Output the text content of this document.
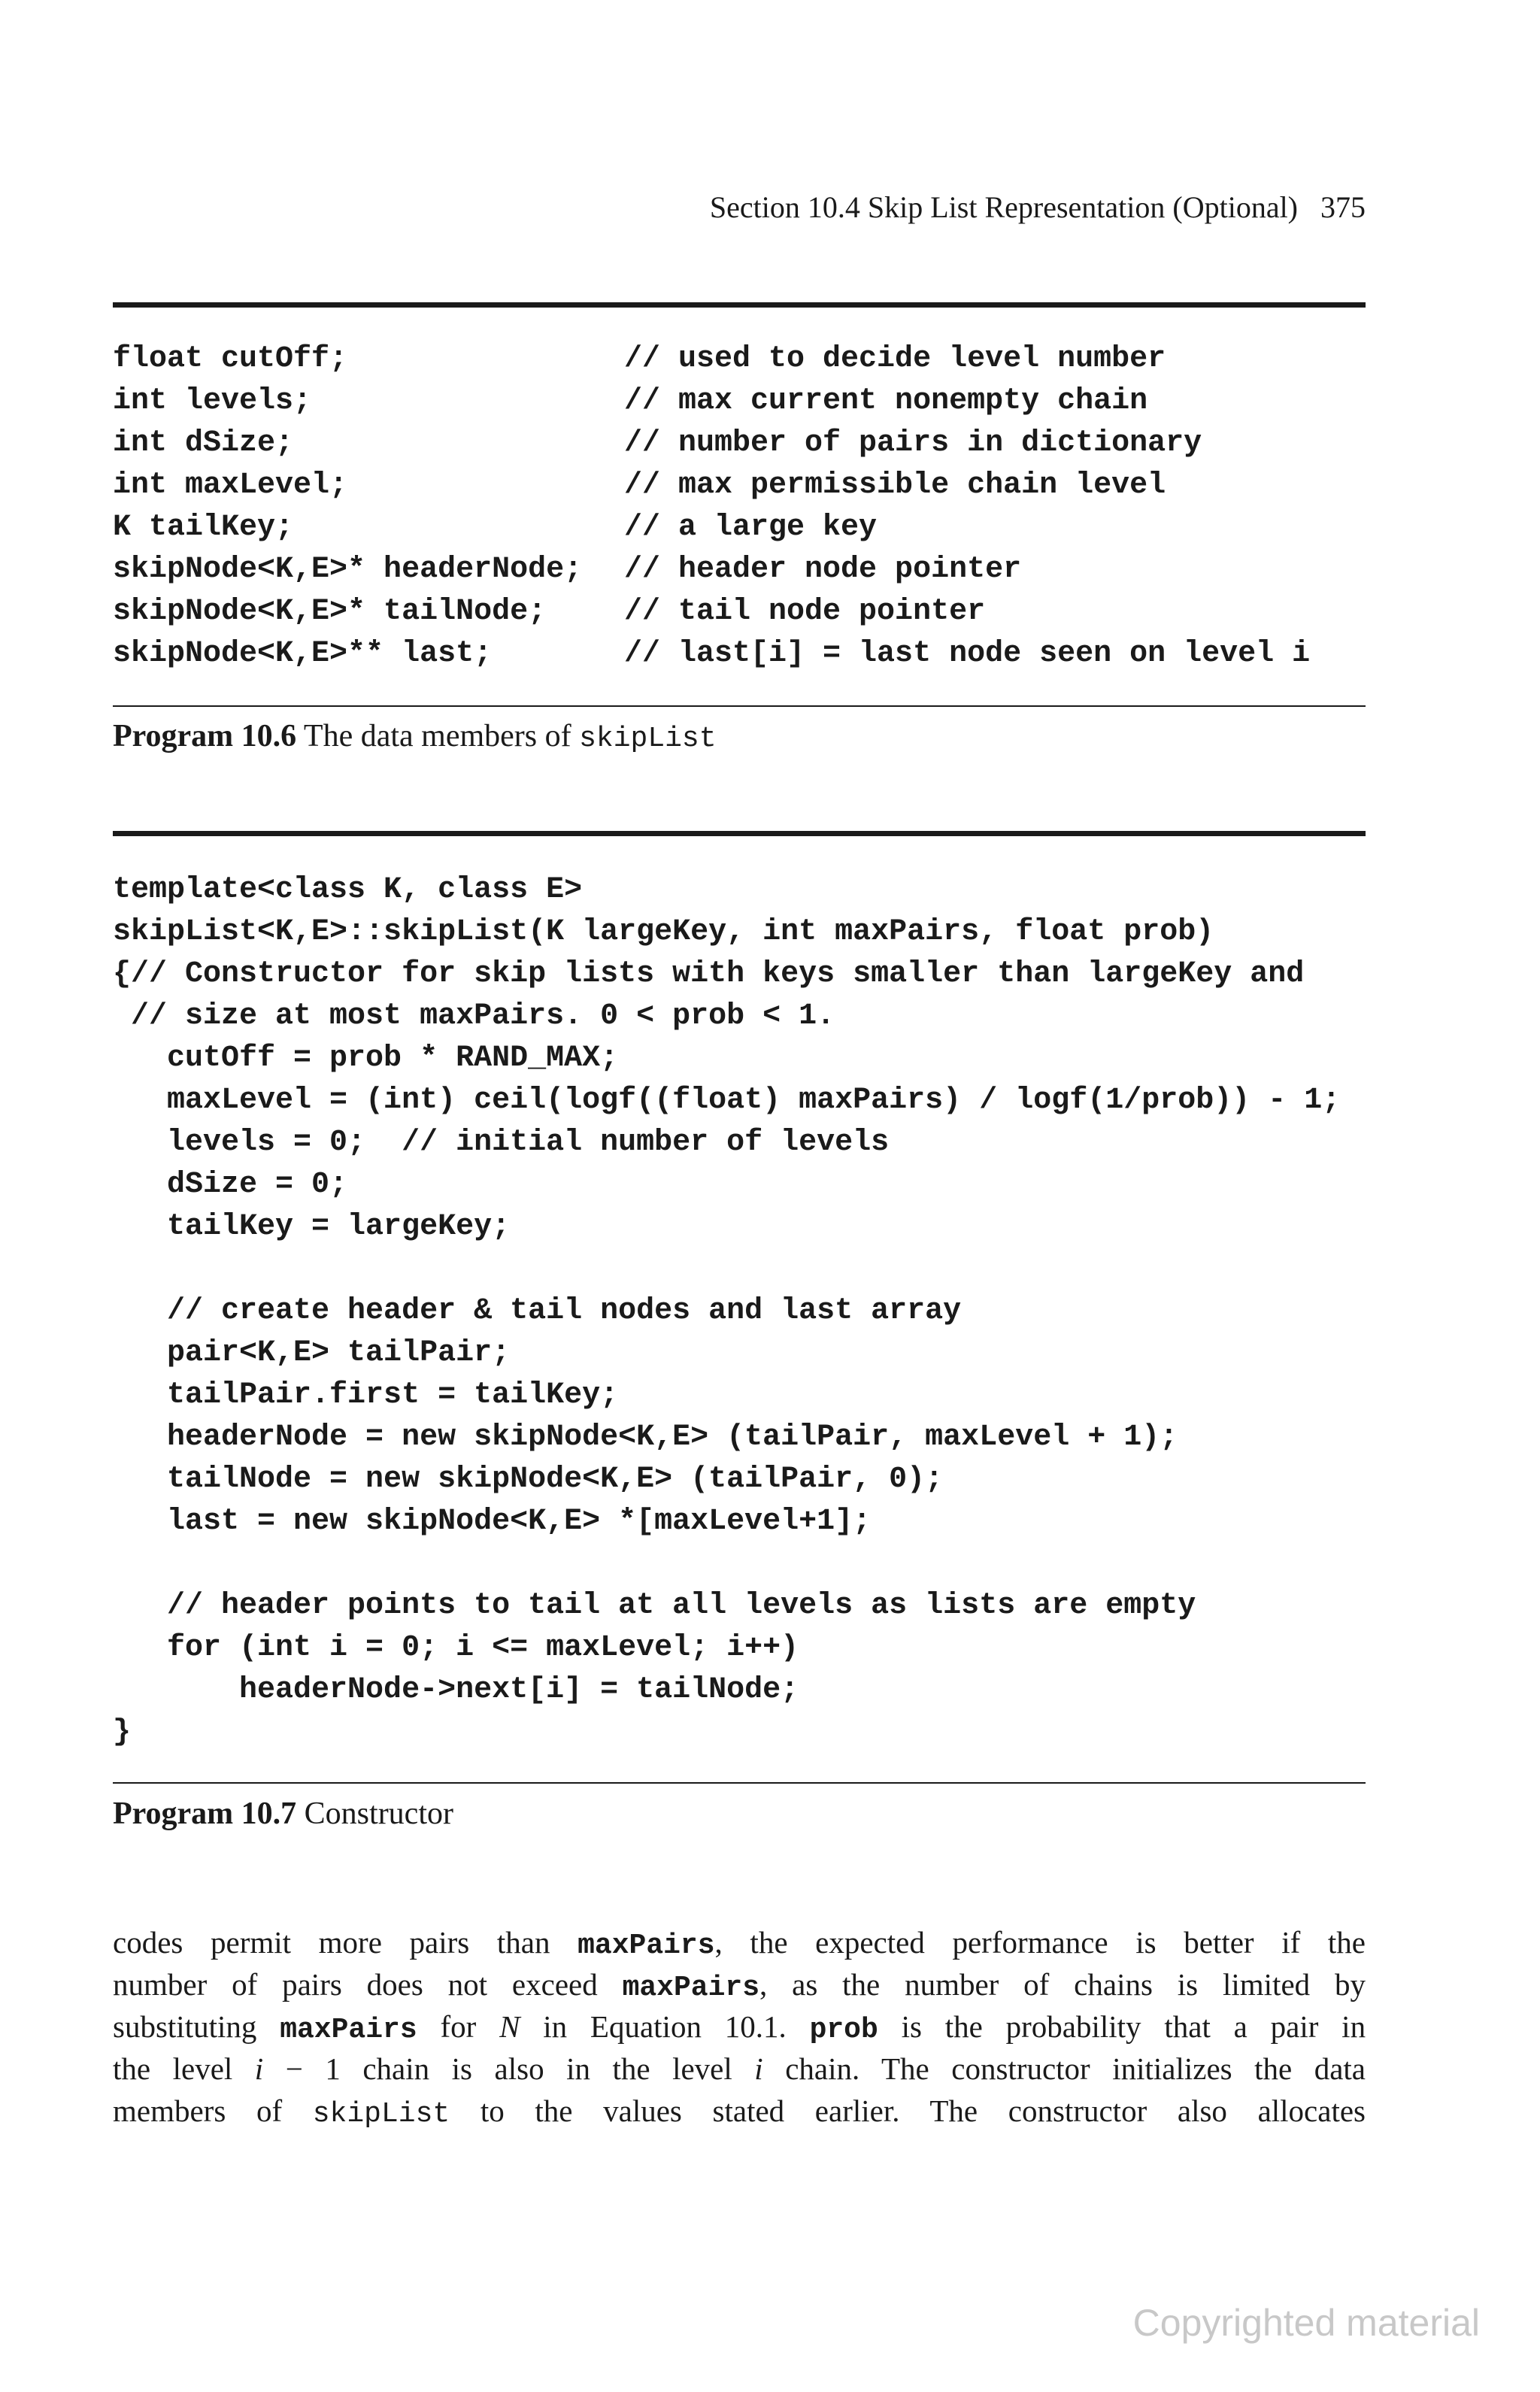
Section 10.4 Skip List Representation (Optional) 375
float cutOff;	// used to decide level number
int levels;	// max current nonempty chain
int dSize;	// number of pairs in dictionary
int maxLevel;	// max permissible chain level
K tailKey;	// a large key
skipNode<K,E>* headerNode; // header node pointer
skipNode<K,E>* tailNode;	// tail node pointer
skipNode<K,E>** last;	// last[i] = last node seen on level i
Program 10.6 The data members of skipList
template<class K, class E>
skipList<K,E>::skipList(K largeKey, int maxPairs, float prob)
{// Constructor for skip lists with keys smaller than largeKey and
// size at most maxPairs. 0 < prob < 1.
cutOff = prob * RAND_MAX;
maxLevel = (int) ceil(logf((float) maxPairs) / logf(1/prob)) - 1;
levels = 0;  // initial number of levels
dSize = 0;
tailKey = largeKey;
// create header & tail nodes and last array
pair<K,E> tailPair;
tailPair.first = tailKey;
headerNode = new skipNode<K,E> (tailPair, maxLevel + 1);
tailNode = new skipNode<K,E> (tailPair, 0);
last = new skipNode<K,E> *[maxLevel+1];
// header points to tail at all levels as lists are empty
for (int i = 0; i <= maxLevel; i++)
headerNode->next[i] = tailNode;
}
Program 10.7 Constructor
codes permit more pairs than maxPairs, the expected performance is better if the
number of pairs does not exceed maxPairs, as the number of chains is limited by
substituting maxPairs for N in Equation 10.1. prob is the probability that a pair in
the level i − 1 chain is also in the level i chain. The constructor initializes the data
members of skipList to the values stated earlier. The constructor also allocates
Copyrighted material
